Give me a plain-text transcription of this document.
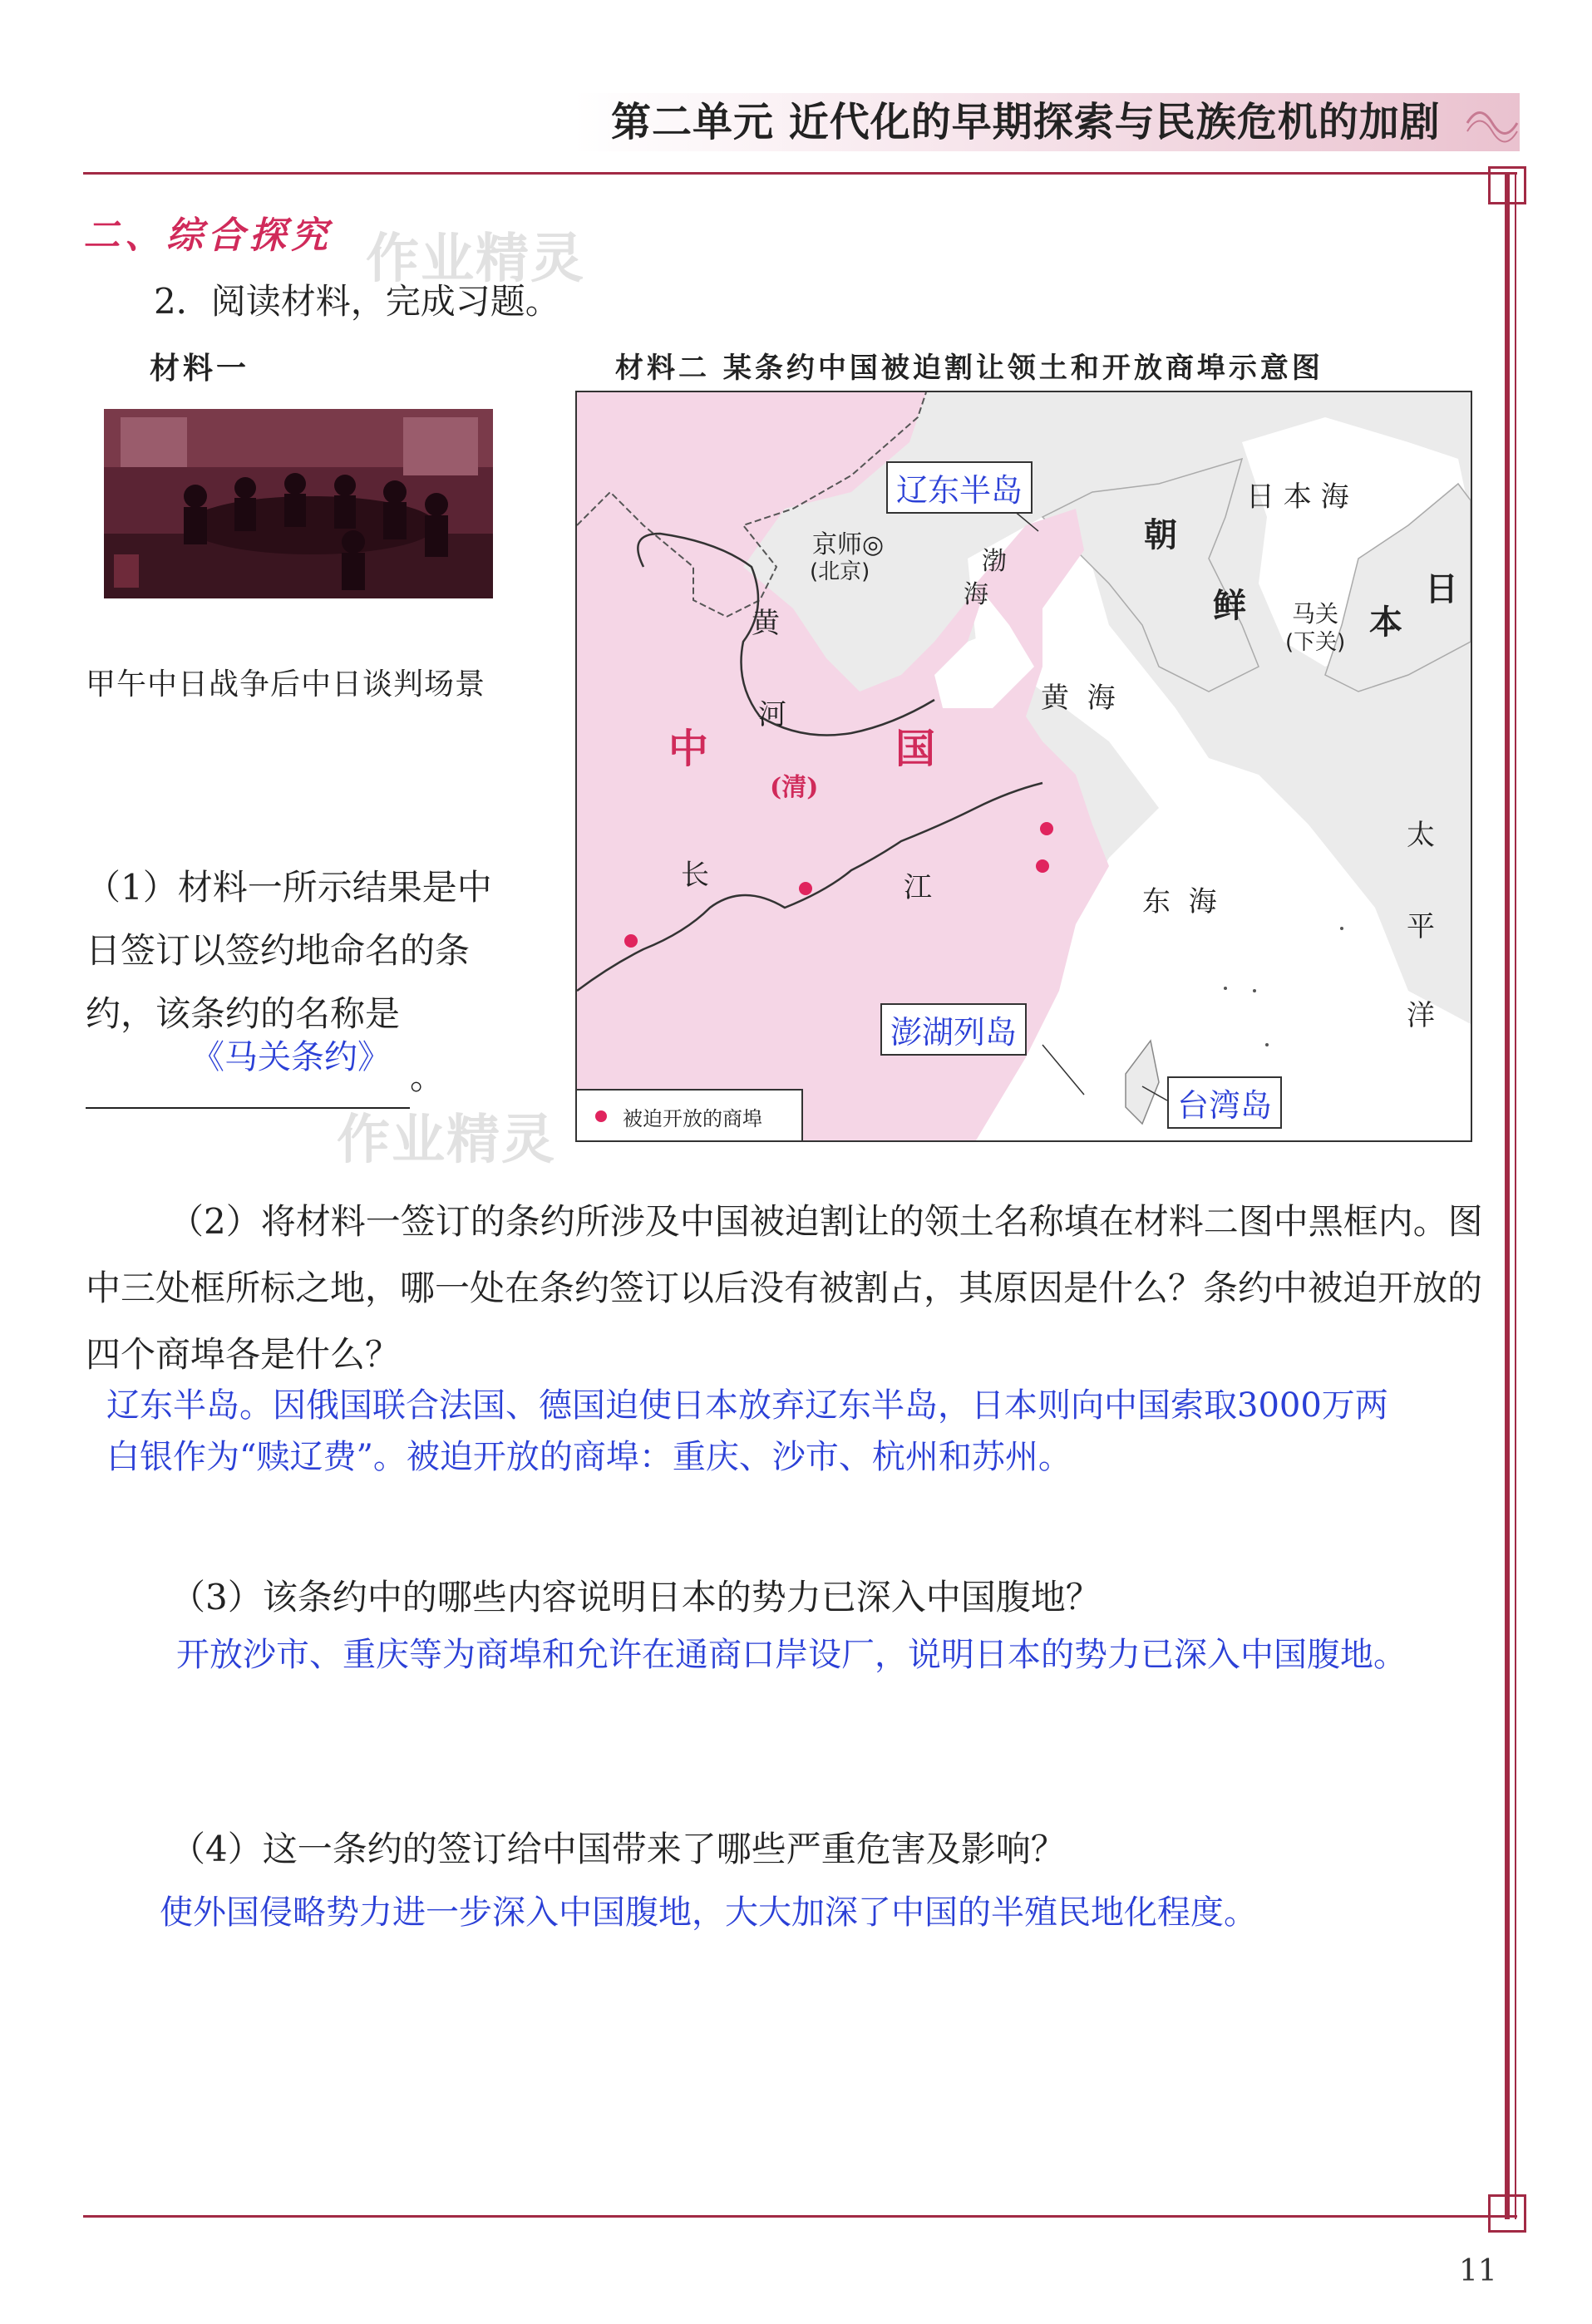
第二单元 近代化的早期探索与民族危机的加剧
二、综合探究 作业精灵
2．阅读材料，完成习题。
材料一	材料二 某条约中国被迫割让领土和开放商埠示意图
甲午中日战争后中日谈判场景
（1）材料一所示结果是中日签订以签约地命名的条约，该条约的名称是。
《马关条约》
作业精灵
辽东半岛
澎湖列岛
台湾岛
京师◎
(北京)	渤
海
黄
河
中	国
(清)
长	江
黄  海
东  海
日 本 海
朝
鲜 马关
(下关)
日
本
太
平
洋
被迫开放的商埠
（2）将材料一签订的条约所涉及中国被迫割让的领土名称填在材料二图中黑框内。图中三处框所标之地，哪一处在条约签订以后没有被割占，其原因是什么？条约中被迫开放的四个商埠各是什么？
辽东半岛。因俄国联合法国、德国迫使日本放弃辽东半岛，日本则向中国索取3000万两白银作为“赎辽费”。被迫开放的商埠：重庆、沙市、杭州和苏州。
（3）该条约中的哪些内容说明日本的势力已深入中国腹地？
开放沙市、重庆等为商埠和允许在通商口岸设厂，说明日本的势力已深入中国腹地。
（4）这一条约的签订给中国带来了哪些严重危害及影响？
使外国侵略势力进一步深入中国腹地，大大加深了中国的半殖民地化程度。
11
